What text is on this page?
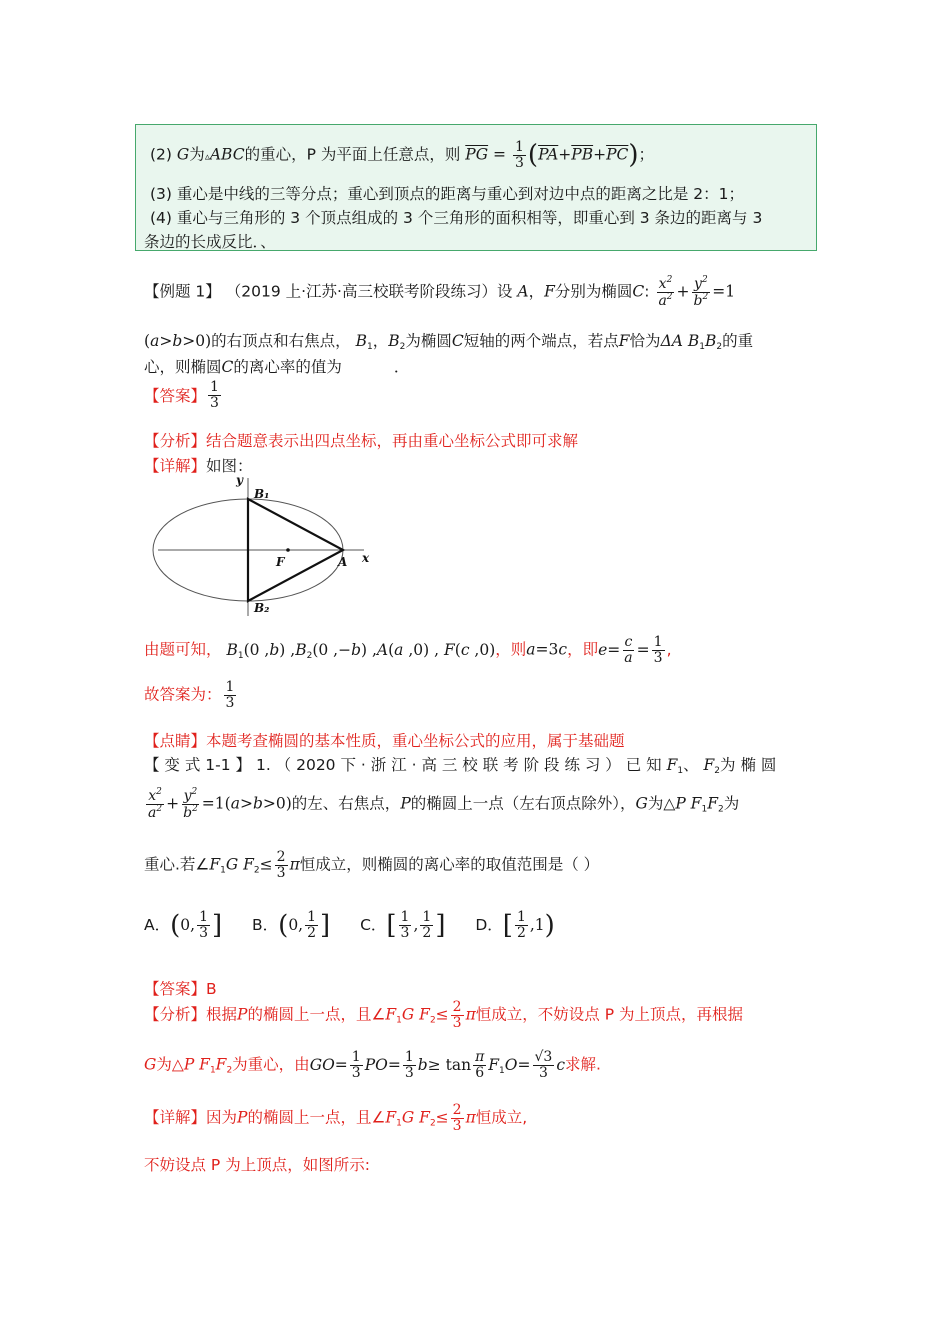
(2) G为▵ABC的重心，P 为平面上任意点，则 $\overline{PG} = \frac{1}{3} (\overline{PA}+\overline{PB}+\overline{PC})$；
(3) 重心是中线的三等分点；重心到顶点的距离与重心到对边中点的距离之比是 2：1；
(4) 重心与三角形的 3 个顶点组成的 3 个三角形的面积相等，即重心到 3 条边的距离与 3
条边的长成反比．、
【例题 1】 （2019 上·江苏·高三校联考阶段练习）设 A，F分别为椭圆C: $\frac{x^2}{a^2} + \frac{y^2}{b^2} =1$
(a>b>0)的右顶点和右焦点， $B_1$，$B_2$为椭圆C短轴的两个端点，若点F恰为ΔA $B_1B_2$的重
心，则椭圆C的离心率的值为	．
【答案】 $\frac{1}{3}$
【分析】结合题意表示出四点坐标，再由重心坐标公式即可求解
【详解】如图：
y
B₁
F	A x
B₂
由题可知， $B_1(0$ ,b) $,B_2(0$ ,−b) ,A(a ,0) , F(c ,0)，则a=3c，即$e= \frac{c}{a} = \frac{1}{3}$ ,
故答案为： $\frac{1}{3}$
【点睛】本题考查椭圆的基本性质，重心坐标公式的应用，属于基础题
【 变 式 1-1 】 1. （ 2020 下 · 浙 江 · 高 三 校 联 考 阶 段 练 习 ） 已 知 $F_1$、 $F_2$为 椭 圆
$\frac{x^2}{a^2} + \frac{y^2}{b^2} =1(a>b>0)$的左、右焦点，P的椭圆上一点（左右顶点除外），G为△P $F_1F_2$为
重心.若$\angle F_1G$ $F_2\le \frac{2}{3}$ π恒成立，则椭圆的离心率的取值范围是（ ）
A．(0, $\frac{1}{3}$ ] B．(0, $\frac{1}{2}$ ] C．[ $\frac{1}{3}$ , $\frac{1}{2}$ ] D．[ $\frac{1}{2} ,1$)
【答案】B
【分析】根据P的椭圆上一点，且$\angle F_1G$ $F_2\le \frac{2}{3}$ π恒成立，不妨设点 P 为上顶点，再根据
G为△P $F_1F_2$为重心，由$GO= \frac{1}{3} PO= \frac{1}{3} b\ge \tan \frac{\pi}{6} F_1O= \frac{√3}{3}$ c求解.
【详解】因为P的椭圆上一点，且$\angle F_1G$ $F_2\le \frac{2}{3}$ π恒成立,
不妨设点 P 为上顶点，如图所示:
